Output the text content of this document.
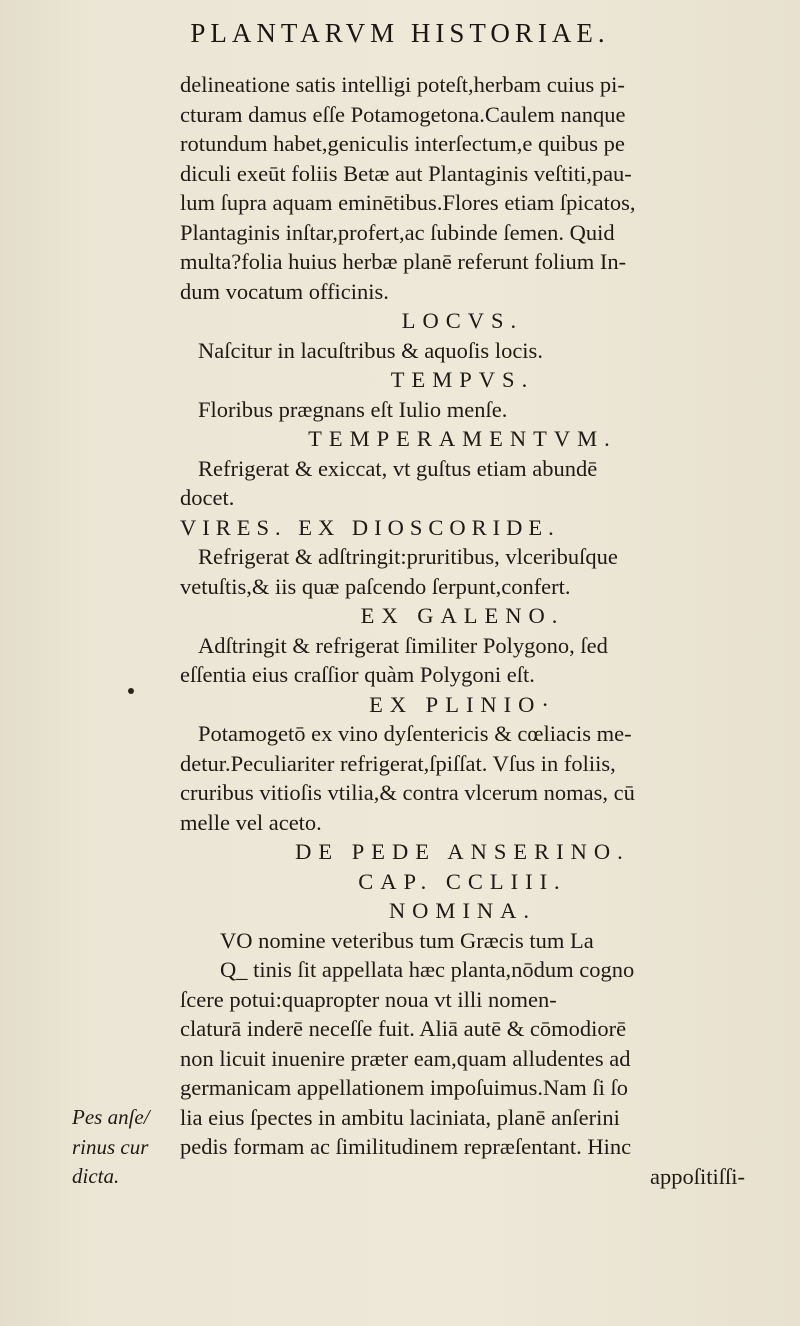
PLANTARVM HISTORIAE.
delineatione satis intelligi poteſt,herbam cuius pi-
cturam damus eſſe Potamogetona.Caulem nanque
rotundum habet,geniculis interſectum,e quibus pe
diculi exeūt foliis Betæ aut Plantaginis veſtiti,pau-
lum ſupra aquam eminētibus.Flores etiam ſpicatos,
Plantaginis inſtar,profert,ac ſubinde ſemen. Quid
multa?folia huius herbæ planē referunt folium In-
dum vocatum officinis.
LOCVS.
Naſcitur in lacuſtribus & aquoſis locis.
TEMPVS.
Floribus prægnans eſt Iulio menſe.
TEMPERAMENTVM.
Refrigerat & exiccat, vt guſtus etiam abundē
docet.
VIRES. EX DIOSCORIDE.
Refrigerat & adſtringit:pruritibus, vlceribuſque
vetuſtis,& iis quæ paſcendo ſerpunt,confert.
EX GALENO.
Adſtringit & refrigerat ſimiliter Polygono, ſed
eſſentia eius craſſior quàm Polygoni eſt.
EX PLINIO·
Potamogetō ex vino dyſentericis & cœliacis me-
detur.Peculiariter refrigerat,ſpiſſat. Vſus in foliis,
cruribus vitioſis vtilia,& contra vlcerum nomas, cū
melle vel aceto.
DE PEDE ANSERINO.
CAP. CCLIII.
NOMINA.
VO nomine veteribus tum Græcis tum La
Q_ tinis ſit appellata hæc planta,nōdum cogno
ſcere potui:quapropter noua vt illi nomen-
claturā inderē neceſſe fuit. Aliā autē & cōmodiorē
non licuit inuenire præter eam,quam alludentes ad
germanicam appellationem impoſuimus.Nam ſi ſo
lia eius ſpectes in ambitu laciniata, planē anſerini
pedis formam ac ſimilitudinem repræſentant. Hinc
appoſitiſſi-
Pes anſe/
rinus cur
dicta.
